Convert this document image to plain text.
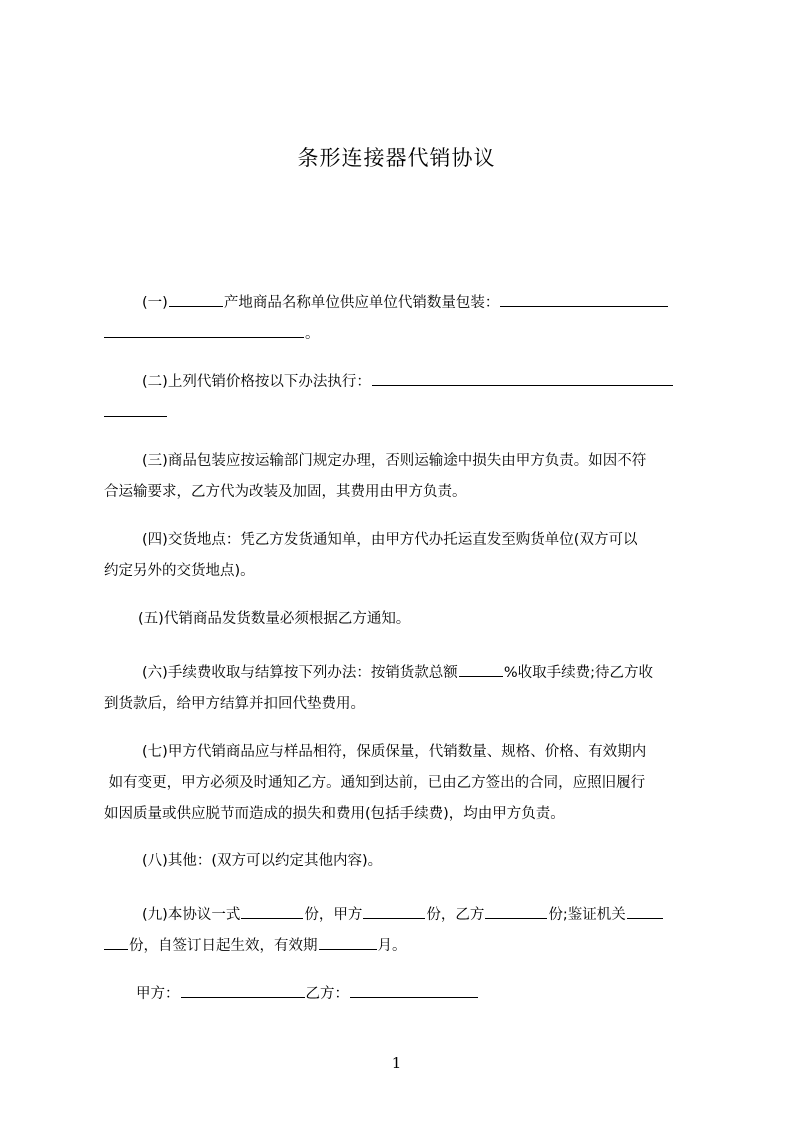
条形连接器代销协议

(一)	产地商品名称单位供应单位代销数量包装：
。

(二)上列代销价格按以下办法执行：

(三)商品包装应按运输部门规定办理，否则运输途中损失由甲方负责。如因不符
合运输要求，乙方代为改装及加固，其费用由甲方负责。

(四)交货地点：凭乙方发货通知单，由甲方代办托运直发至购货单位(双方可以
约定另外的交货地点)。

(五)代销商品发货数量必须根据乙方通知。

(六)手续费收取与结算按下列办法：按销货款总额	%收取手续费;待乙方收
到货款后，给甲方结算并扣回代垫费用。

(七)甲方代销商品应与样品相符，保质保量，代销数量、规格、价格、有效期内
如有变更，甲方必须及时通知乙方。通知到达前，已由乙方签出的合同，应照旧履行
如因质量或供应脱节而造成的损失和费用(包括手续费)，均由甲方负责。

(八)其他：(双方可以约定其他内容)。

(九)本协议一式	份，甲方	份，乙方	份;鉴证机关
份，自签订日起生效，有效期	月。

甲方：	乙方：

1
